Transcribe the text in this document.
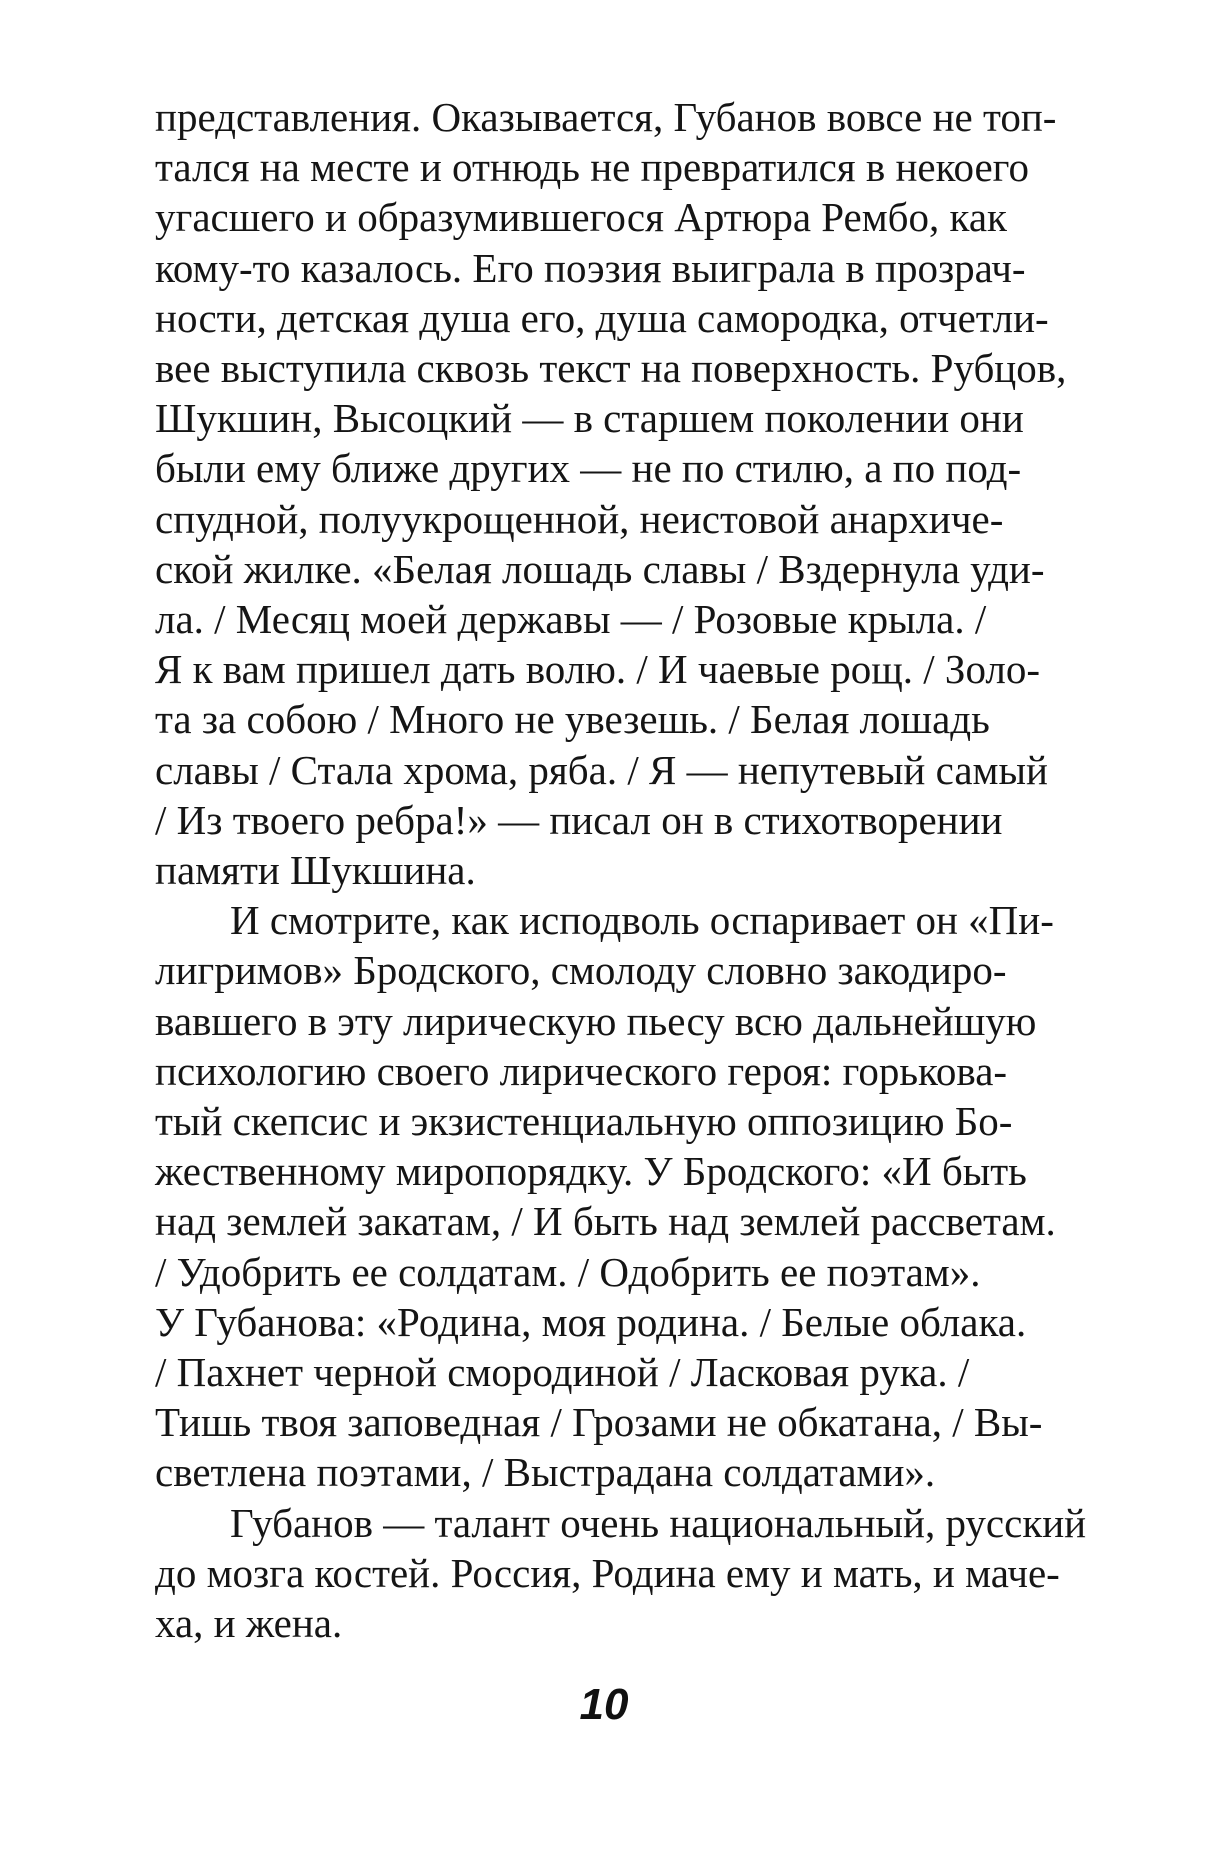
представления. Оказывается, Губанов вовсе не топ-
тался на месте и отнюдь не превратился в некоего
угасшего и образумившегося Артюра Рембо, как
кому-то казалось. Его поэзия выиграла в прозрач-
ности, детская душа его, душа самородка, отчетли-
вее выступила сквозь текст на поверхность. Рубцов,
Шукшин, Высоцкий — в старшем поколении они
были ему ближе других — не по стилю, а по под-
спудной, полуукрощенной, неистовой анархиче-
ской жилке. «Белая лошадь славы / Вздернула уди-
ла. / Месяц моей державы — / Розовые крыла. /
Я к вам пришел дать волю. / И чаевые рощ. / Золо-
та за собою / Много не увезешь. / Белая лошадь
славы / Стала хрома, ряба. / Я — непутевый самый
/ Из твоего ребра!» — писал он в стихотворении
памяти Шукшина.

И смотрите, как исподволь оспаривает он «Пи-
лигримов» Бродского, смолоду словно закодиро-
вавшего в эту лирическую пьесу всю дальнейшую
психологию своего лирического героя: горькова-
тый скепсис и экзистенциальную оппозицию Бо-
жественному миропорядку. У Бродского: «И быть
над землей закатам, / И быть над землей рассветам.
/ Удобрить ее солдатам. / Одобрить ее поэтам».
У Губанова: «Родина, моя родина. / Белые облака.
/ Пахнет черной смородиной / Ласковая рука. /
Тишь твоя заповедная / Грозами не обкатана, / Вы-
светлена поэтами, / Выстрадана солдатами».

Губанов — талант очень национальный, русский
до мозга костей. Россия, Родина ему и мать, и маче-
ха, и жена.

10
